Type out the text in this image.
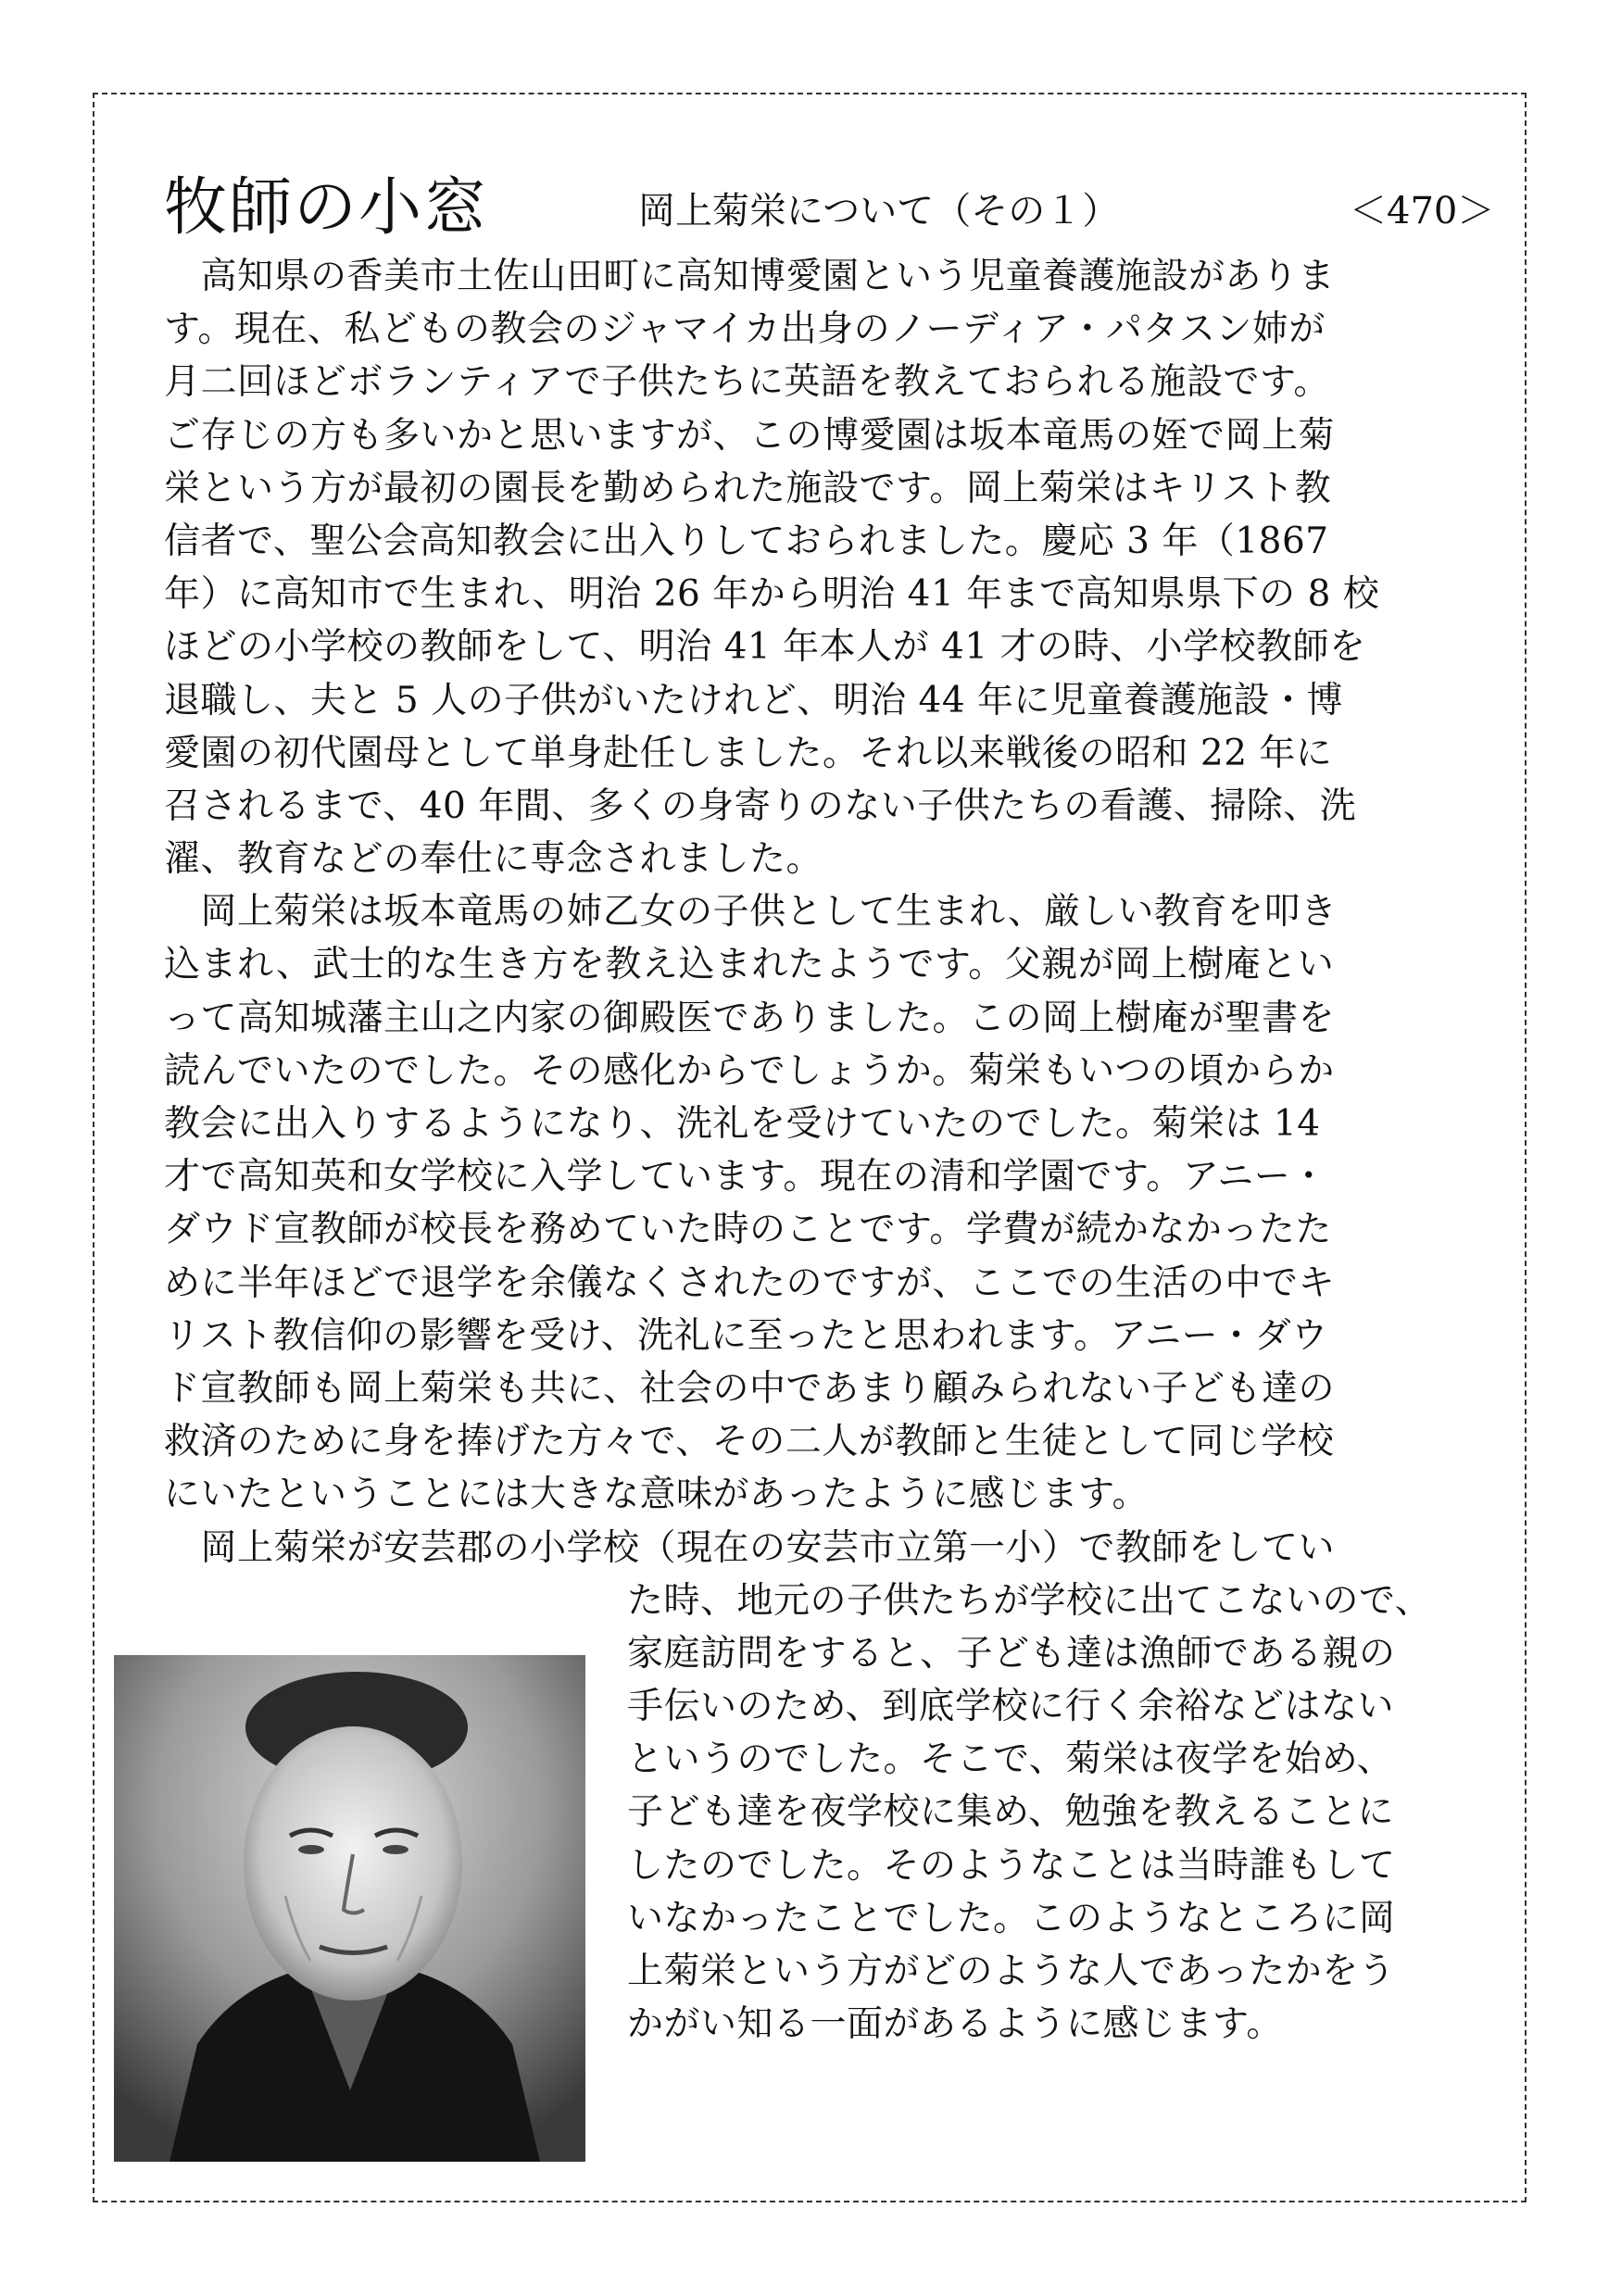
牧師の小窓	岡上菊栄について（その１）	＜470＞
　高知県の香美市土佐山田町に高知博愛園という児童養護施設がありま
す。現在、私どもの教会のジャマイカ出身のノーディア・パタスン姉が
月二回ほどボランティアで子供たちに英語を教えておられる施設です。
ご存じの方も多いかと思いますが、この博愛園は坂本竜馬の姪で岡上菊
栄という方が最初の園長を勤められた施設です。岡上菊栄はキリスト教
信者で、聖公会高知教会に出入りしておられました。慶応 3 年（1867
年）に高知市で生まれ、明治 26 年から明治 41 年まで高知県県下の 8 校
ほどの小学校の教師をして、明治 41 年本人が 41 才の時、小学校教師を
退職し、夫と 5 人の子供がいたけれど、明治 44 年に児童養護施設・博
愛園の初代園母として単身赴任しました。それ以来戦後の昭和 22 年に
召されるまで、40 年間、多くの身寄りのない子供たちの看護、掃除、洗
濯、教育などの奉仕に専念されました。
　岡上菊栄は坂本竜馬の姉乙女の子供として生まれ、厳しい教育を叩き
込まれ、武士的な生き方を教え込まれたようです。父親が岡上樹庵とい
って高知城藩主山之内家の御殿医でありました。この岡上樹庵が聖書を
読んでいたのでした。その感化からでしょうか。菊栄もいつの頃からか
教会に出入りするようになり、洗礼を受けていたのでした。菊栄は 14
才で高知英和女学校に入学しています。現在の清和学園です。アニー・
ダウド宣教師が校長を務めていた時のことです。学費が続かなかったた
めに半年ほどで退学を余儀なくされたのですが、ここでの生活の中でキ
リスト教信仰の影響を受け、洗礼に至ったと思われます。アニー・ダウ
ド宣教師も岡上菊栄も共に、社会の中であまり顧みられない子ども達の
救済のために身を捧げた方々で、その二人が教師と生徒として同じ学校
にいたということには大きな意味があったように感じます。
　岡上菊栄が安芸郡の小学校（現在の安芸市立第一小）で教師をしてい
た時、地元の子供たちが学校に出てこないので、
家庭訪問をすると、子ども達は漁師である親の
手伝いのため、到底学校に行く余裕などはない
というのでした。そこで、菊栄は夜学を始め、
子ども達を夜学校に集め、勉強を教えることに
したのでした。そのようなことは当時誰もして
いなかったことでした。このようなところに岡
上菊栄という方がどのような人であったかをう
かがい知る一面があるように感じます。
